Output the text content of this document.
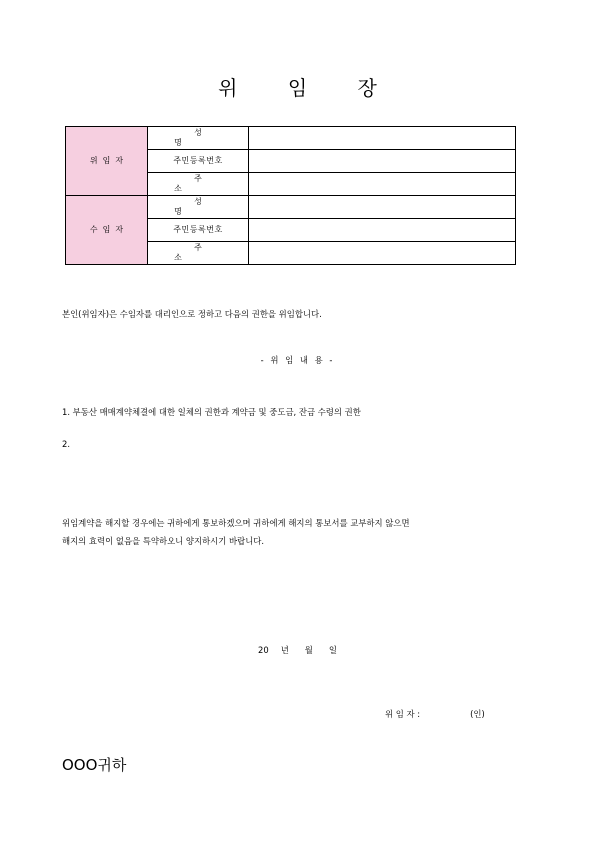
위 임 장
위임자	성명	
	주민등록번호	
	주소	
수임자	성명	
	주민등록번호	
	주소	
본인(위임자)은 수임자를 대리인으로 정하고 다음의 권한을 위임합니다.
- 위 임 내 용 -
1. 부동산 매매계약체결에 대한 일체의 권한과 계약금 및 중도금, 잔금 수령의 권한
2.
위임계약을 해지할 경우에는 귀하에게 통보하겠으며 귀하에게 해지의 통보서를 교부하지 않으면
해지의 효력이 없음을 특약하오니 양지하시기 바랍니다.
20 년 월 일
위 임 자 :	(인)
OOO귀하
